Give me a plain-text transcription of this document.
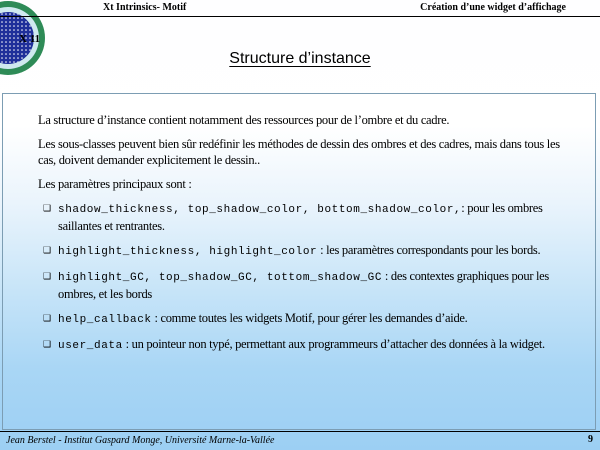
X 11
Xt Intrinsics- Motif	Création d’une widget d’affichage
Structure d’instance

La structure d’instance contient notamment des ressources pour de l’ombre et du cadre.

Les sous-classes peuvent bien sûr redéfinir les méthodes de dessin des ombres et des cadres, mais dans tous les cas, doivent demander explicitement le dessin..

Les paramètres principaux sont :

❑ shadow_thickness, top_shadow_color, bottom_shadow_color,: pour les ombres saillantes et rentrantes.
❑ highlight_thickness, highlight_color : les paramètres correspondants pour les bords.
❑ highlight_GC, top_shadow_GC, tottom_shadow_GC : des contextes graphiques pour les ombres, et les bords
❑ help_callback : comme toutes les widgets Motif, pour gérer les demandes d’aide.
❑ user_data : un pointeur non typé, permettant aux programmeurs d’attacher des données à la widget.
Jean Berstel - Institut Gaspard Monge, Université Marne-la-Vallée	9
